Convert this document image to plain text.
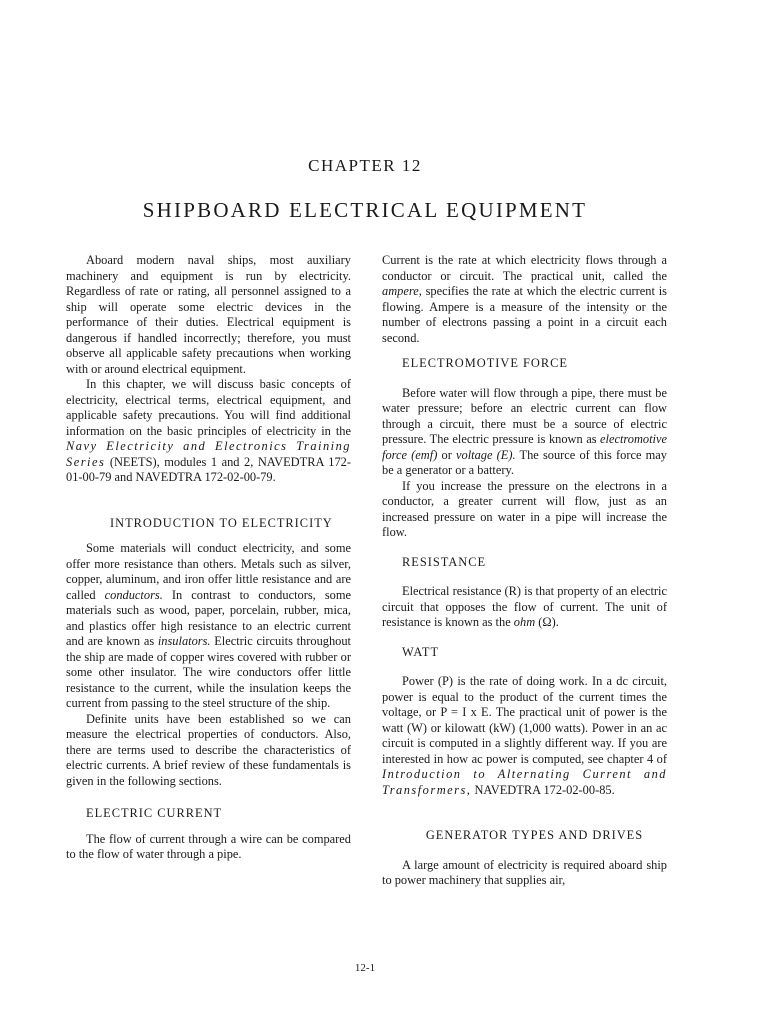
CHAPTER 12
SHIPBOARD ELECTRICAL EQUIPMENT

Aboard modern naval ships, most auxiliary machinery and equipment is run by electricity. Regardless of rate or rating, all personnel assigned to a ship will operate some electric devices in the performance of their duties. Electrical equipment is dangerous if handled incorrectly; therefore, you must observe all applicable safety precautions when working with or around electrical equipment.

In this chapter, we will discuss basic concepts of electricity, electrical terms, electrical equipment, and applicable safety precautions. You will find additional information on the basic principles of electricity in the Navy Electricity and Electronics Training Series (NEETS), modules 1 and 2, NAVEDTRA 172-01-00-79 and NAVEDTRA 172-02-00-79.

INTRODUCTION TO ELECTRICITY

Some materials will conduct electricity, and some offer more resistance than others. Metals such as silver, copper, aluminum, and iron offer little resistance and are called conductors. In contrast to conductors, some materials such as wood, paper, porcelain, rubber, mica, and plastics offer high resistance to an electric current and are known as insulators. Electric circuits throughout the ship are made of copper wires covered with rubber or some other insulator. The wire conductors offer little resistance to the current, while the insulation keeps the current from passing to the steel structure of the ship.

Definite units have been established so we can measure the electrical properties of conductors. Also, there are terms used to describe the characteristics of electric currents. A brief review of these fundamentals is given in the following sections.

ELECTRIC CURRENT

The flow of current through a wire can be compared to the flow of water through a pipe.

Current is the rate at which electricity flows through a conductor or circuit. The practical unit, called the ampere, specifies the rate at which the electric current is flowing. Ampere is a measure of the intensity or the number of electrons passing a point in a circuit each second.

ELECTROMOTIVE FORCE

Before water will flow through a pipe, there must be water pressure; before an electric current can flow through a circuit, there must be a source of electric pressure. The electric pressure is known as electromotive force (emf) or voltage (E). The source of this force may be a generator or a battery.

If you increase the pressure on the electrons in a conductor, a greater current will flow, just as an increased pressure on water in a pipe will increase the flow.

RESISTANCE

Electrical resistance (R) is that property of an electric circuit that opposes the flow of current. The unit of resistance is known as the ohm (Ω).

WATT

Power (P) is the rate of doing work. In a dc circuit, power is equal to the product of the current times the voltage, or P = I x E. The practical unit of power is the watt (W) or kilowatt (kW) (1,000 watts). Power in an ac circuit is computed in a slightly different way. If you are interested in how ac power is computed, see chapter 4 of Introduction to Alternating Current and Transformers, NAVEDTRA 172-02-00-85.

GENERATOR TYPES AND DRIVES

A large amount of electricity is required aboard ship to power machinery that supplies air,

12-1
